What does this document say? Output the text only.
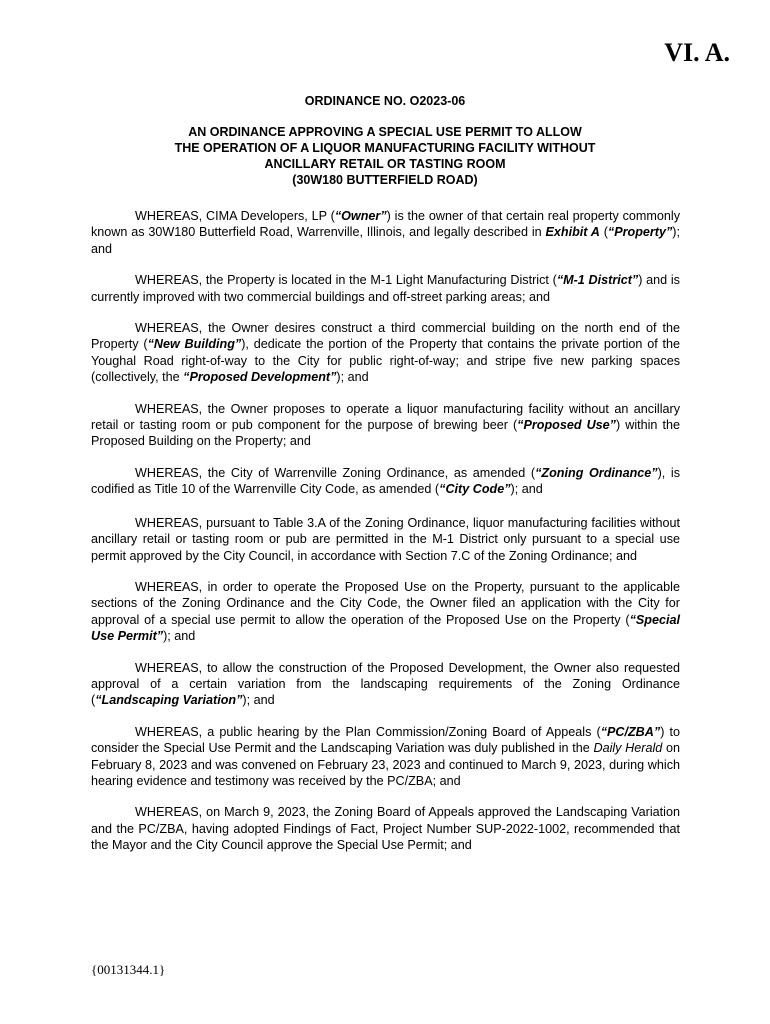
VI. A.
ORDINANCE NO. O2023-06
AN ORDINANCE APPROVING A SPECIAL USE PERMIT TO ALLOW
THE OPERATION OF A LIQUOR MANUFACTURING FACILITY WITHOUT
ANCILLARY RETAIL OR TASTING ROOM
(30W180 BUTTERFIELD ROAD)

WHEREAS, CIMA Developers, LP (“Owner”) is the owner of that certain real property commonly known as 30W180 Butterfield Road, Warrenville, Illinois, and legally described in Exhibit A (“Property”); and

WHEREAS, the Property is located in the M-1 Light Manufacturing District (“M-1 District”) and is currently improved with two commercial buildings and off-street parking areas; and

WHEREAS, the Owner desires construct a third commercial building on the north end of the Property (“New Building”), dedicate the portion of the Property that contains the private portion of the Youghal Road right-of-way to the City for public right-of-way; and stripe five new parking spaces (collectively, the “Proposed Development”); and

WHEREAS, the Owner proposes to operate a liquor manufacturing facility without an ancillary retail or tasting room or pub component for the purpose of brewing beer (“Proposed Use”) within the Proposed Building on the Property; and

WHEREAS, the City of Warrenville Zoning Ordinance, as amended (“Zoning Ordinance”), is codified as Title 10 of the Warrenville City Code, as amended (“City Code”); and

WHEREAS, pursuant to Table 3.A of the Zoning Ordinance, liquor manufacturing facilities without ancillary retail or tasting room or pub are permitted in the M-1 District only pursuant to a special use permit approved by the City Council, in accordance with Section 7.C of the Zoning Ordinance; and

WHEREAS, in order to operate the Proposed Use on the Property, pursuant to the applicable sections of the Zoning Ordinance and the City Code, the Owner filed an application with the City for approval of a special use permit to allow the operation of the Proposed Use on the Property (“Special Use Permit”); and

WHEREAS, to allow the construction of the Proposed Development, the Owner also requested approval of a certain variation from the landscaping requirements of the Zoning Ordinance (“Landscaping Variation”); and

WHEREAS, a public hearing by the Plan Commission/Zoning Board of Appeals (“PC/ZBA”) to consider the Special Use Permit and the Landscaping Variation was duly published in the Daily Herald on February 8, 2023 and was convened on February 23, 2023 and continued to March 9, 2023, during which hearing evidence and testimony was received by the PC/ZBA; and

WHEREAS, on March 9, 2023, the Zoning Board of Appeals approved the Landscaping Variation and the PC/ZBA, having adopted Findings of Fact, Project Number SUP-2022-1002, recommended that the Mayor and the City Council approve the Special Use Permit; and

{00131344.1}
